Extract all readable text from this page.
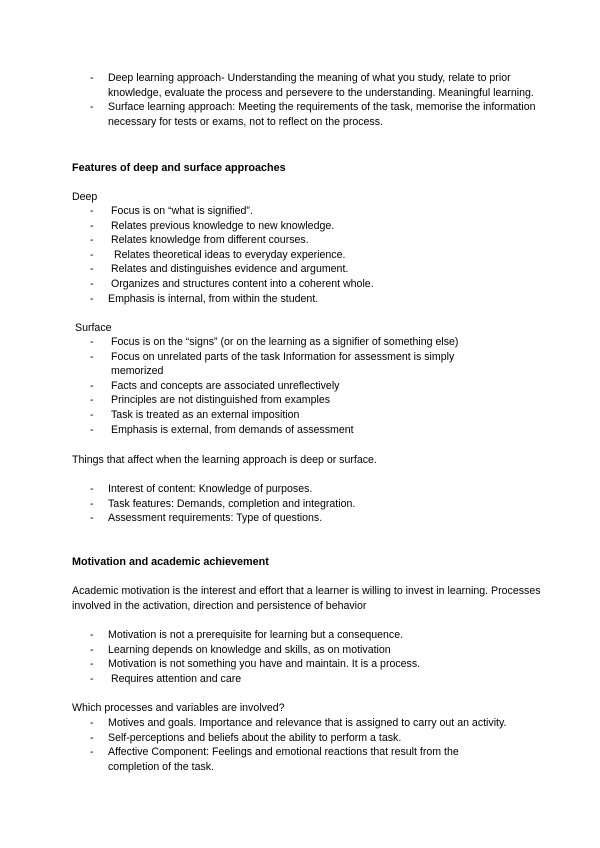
- Deep learning approach- Understanding the meaning of what you study, relate to prior knowledge, evaluate the process and persevere to the understanding. Meaningful learning.
- Surface learning approach: Meeting the requirements of the task, memorise the information necessary for tests or exams, not to reflect on the process.
Features of deep and surface approaches
Deep
- Focus is on “what is signified”.
- Relates previous knowledge to new knowledge.
- Relates knowledge from different courses.
- Relates theoretical ideas to everyday experience.
- Relates and distinguishes evidence and argument.
- Organizes and structures content into a coherent whole.
- Emphasis is internal, from within the student.
Surface
- Focus is on the “signs” (or on the learning as a signifier of something else)
- Focus on unrelated parts of the task Information for assessment is simply memorized
- Facts and concepts are associated unreflectively
- Principles are not distinguished from examples
- Task is treated as an external imposition
- Emphasis is external, from demands of assessment
Things that affect when the learning approach is deep or surface.
- Interest of content: Knowledge of purposes.
- Task features: Demands, completion and integration.
- Assessment requirements: Type of questions.
Motivation and academic achievement
Academic motivation is the interest and effort that a learner is willing to invest in learning. Processes involved in the activation, direction and persistence of behavior
- Motivation is not a prerequisite for learning but a consequence.
- Learning depends on knowledge and skills, as on motivation
- Motivation is not something you have and maintain. It is a process.
- Requires attention and care
Which processes and variables are involved?
- Motives and goals. Importance and relevance that is assigned to carry out an activity.
- Self-perceptions and beliefs about the ability to perform a task.
- Affective Component: Feelings and emotional reactions that result from the completion of the task.
